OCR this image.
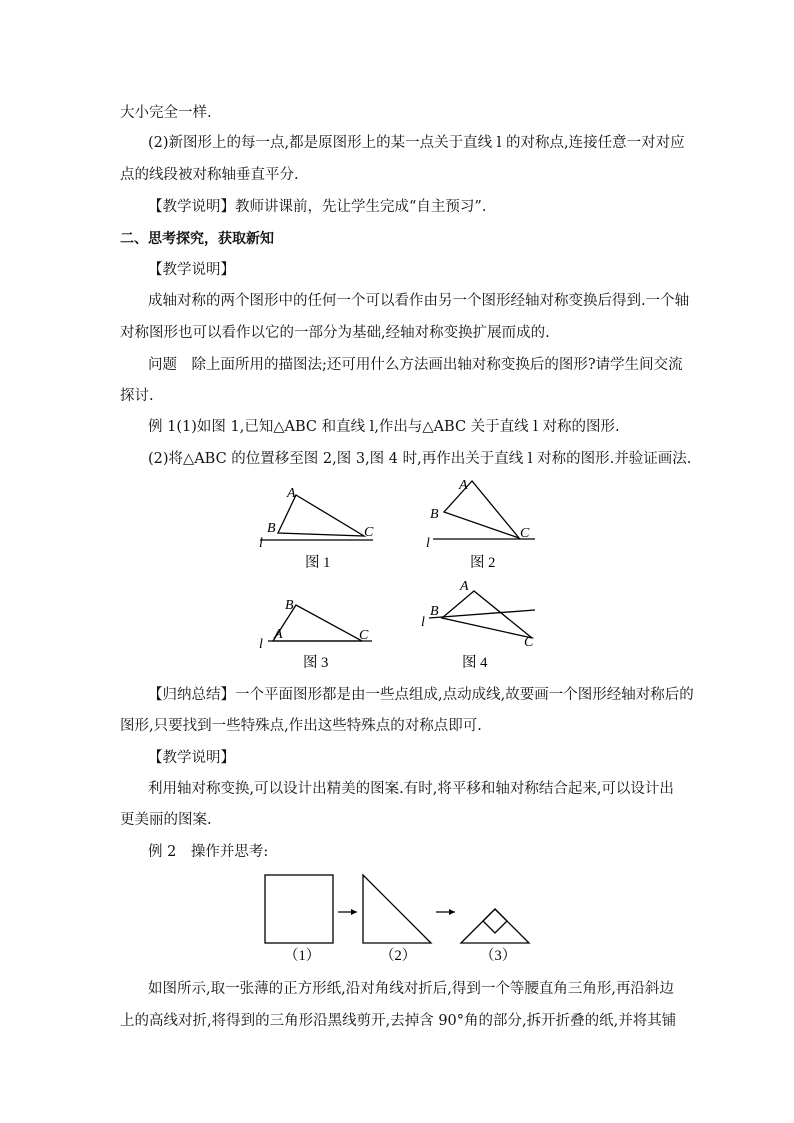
大小完全一样.
(2)新图形上的每一点,都是原图形上的某一点关于直线 l 的对称点,连接任意一对对应
点的线段被对称轴垂直平分.
【教学说明】教师讲课前，先让学生完成“自主预习”.
二、思考探究，获取新知
【教学说明】
成轴对称的两个图形中的任何一个可以看作由另一个图形经轴对称变换后得到.一个轴
对称图形也可以看作以它的一部分为基础,经轴对称变换扩展而成的.
问题　除上面所用的描图法;还可用什么方法画出轴对称变换后的图形?请学生间交流
探讨.
例 1(1)如图 1,已知△ABC 和直线 l,作出与△ABC 关于直线 l 对称的图形.
(2)将△ABC 的位置移至图 2,图 3,图 4 时,再作出关于直线 l 对称的图形.并验证画法.
A
B	C
l
图 1
A
B
C
l
图 2
B
A	C
l
图 3
A
B
C
l
图 4
【归纳总结】一个平面图形都是由一些点组成,点动成线,故要画一个图形经轴对称后的
图形,只要找到一些特殊点,作出这些特殊点的对称点即可.
【教学说明】
利用轴对称变换,可以设计出精美的图案.有时,将平移和轴对称结合起来,可以设计出
更美丽的图案.
例 2　操作并思考:
（1）	（2）	（3）
如图所示,取一张薄的正方形纸,沿对角线对折后,得到一个等腰直角三角形,再沿斜边
上的高线对折,将得到的三角形沿黑线剪开,去掉含 90°角的部分,拆开折叠的纸,并将其铺
